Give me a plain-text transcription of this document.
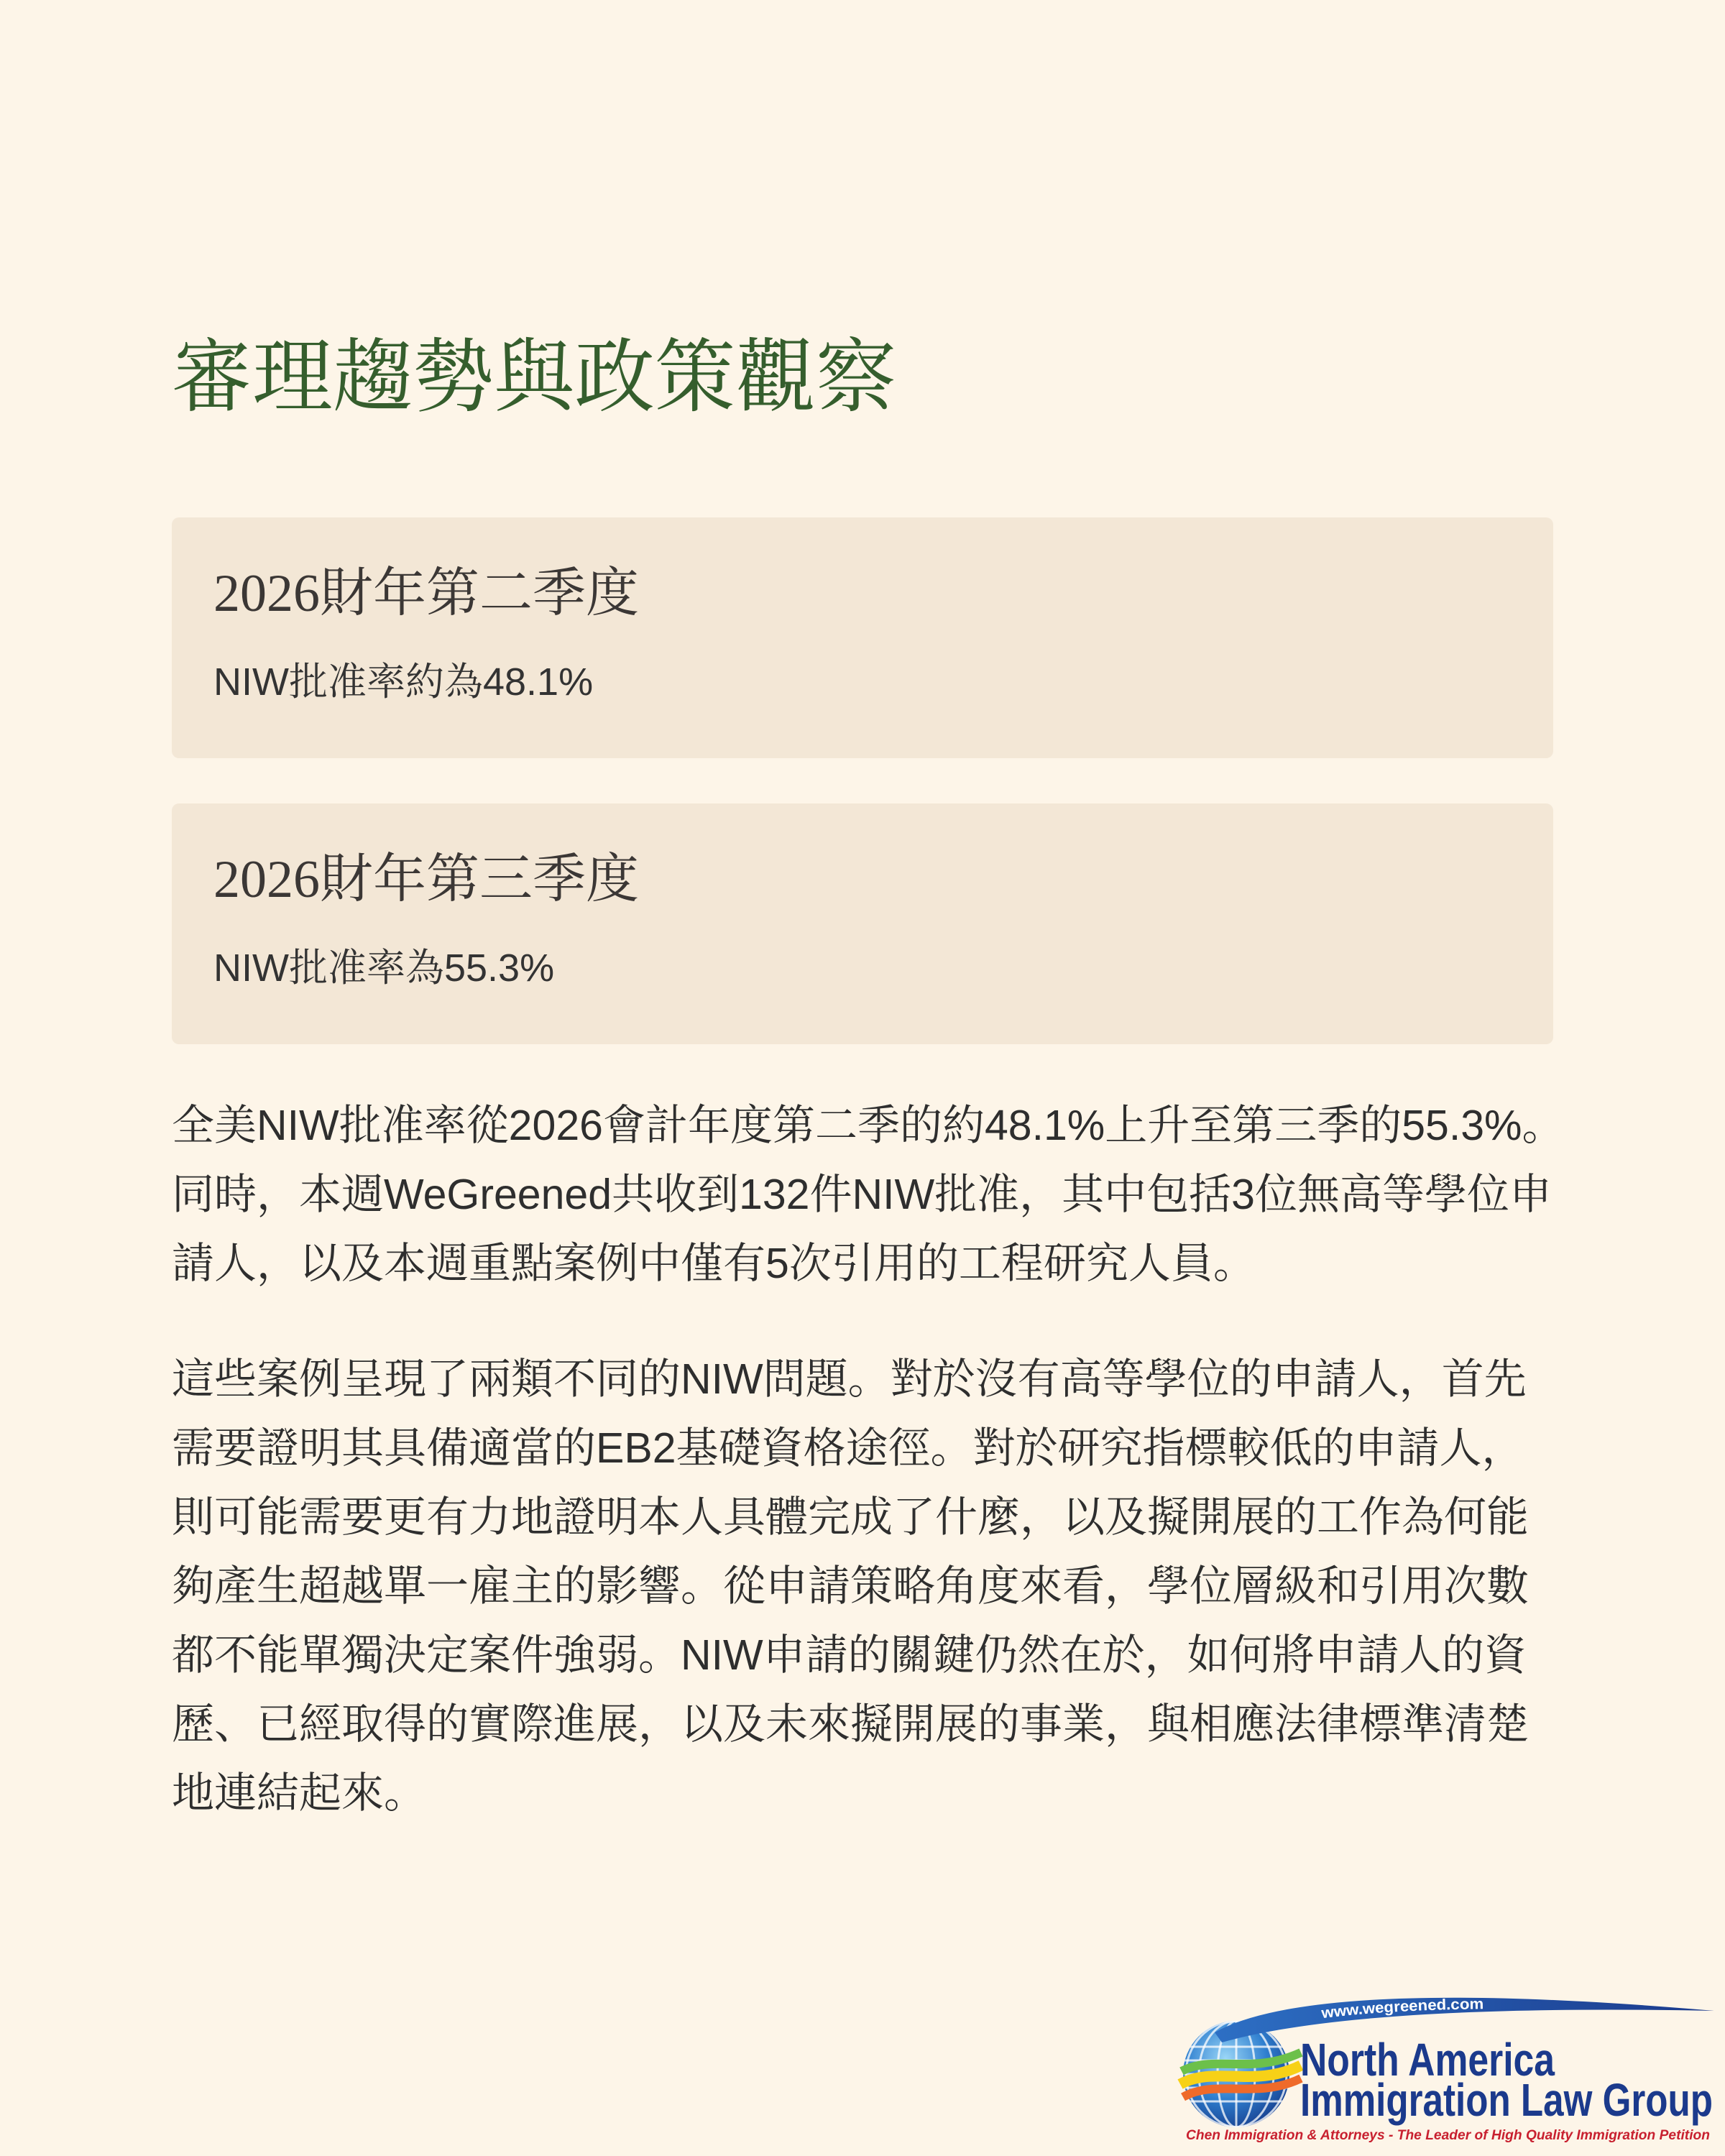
審理趨勢與政策觀察
2026財年第二季度

NIW批准率約為48.1%

2026財年第三季度

NIW批准率為55.3%

全美NIW批准率從2026會計年度第二季的約48.1%上升至第三季的55.3%。
同時，本週WeGreened共收到132件NIW批准，其中包括3位無高等學位申
請人，以及本週重點案例中僅有5次引用的工程研究人員。

這些案例呈現了兩類不同的NIW問題。對於沒有高等學位的申請人，首先
需要證明其具備適當的EB2基礎資格途徑。對於研究指標較低的申請人，
則可能需要更有力地證明本人具體完成了什麼，以及擬開展的工作為何能
夠產生超越單一雇主的影響。從申請策略角度來看，學位層級和引用次數
都不能單獨決定案件強弱。NIW申請的關鍵仍然在於，如何將申請人的資
歷、已經取得的實際進展，以及未來擬開展的事業，與相應法律標準清楚
地連結起來。

www.wegreened.com
North America
Immigration Law Group
Chen Immigration & Attorneys - The Leader of High Quality Immigration Petition
